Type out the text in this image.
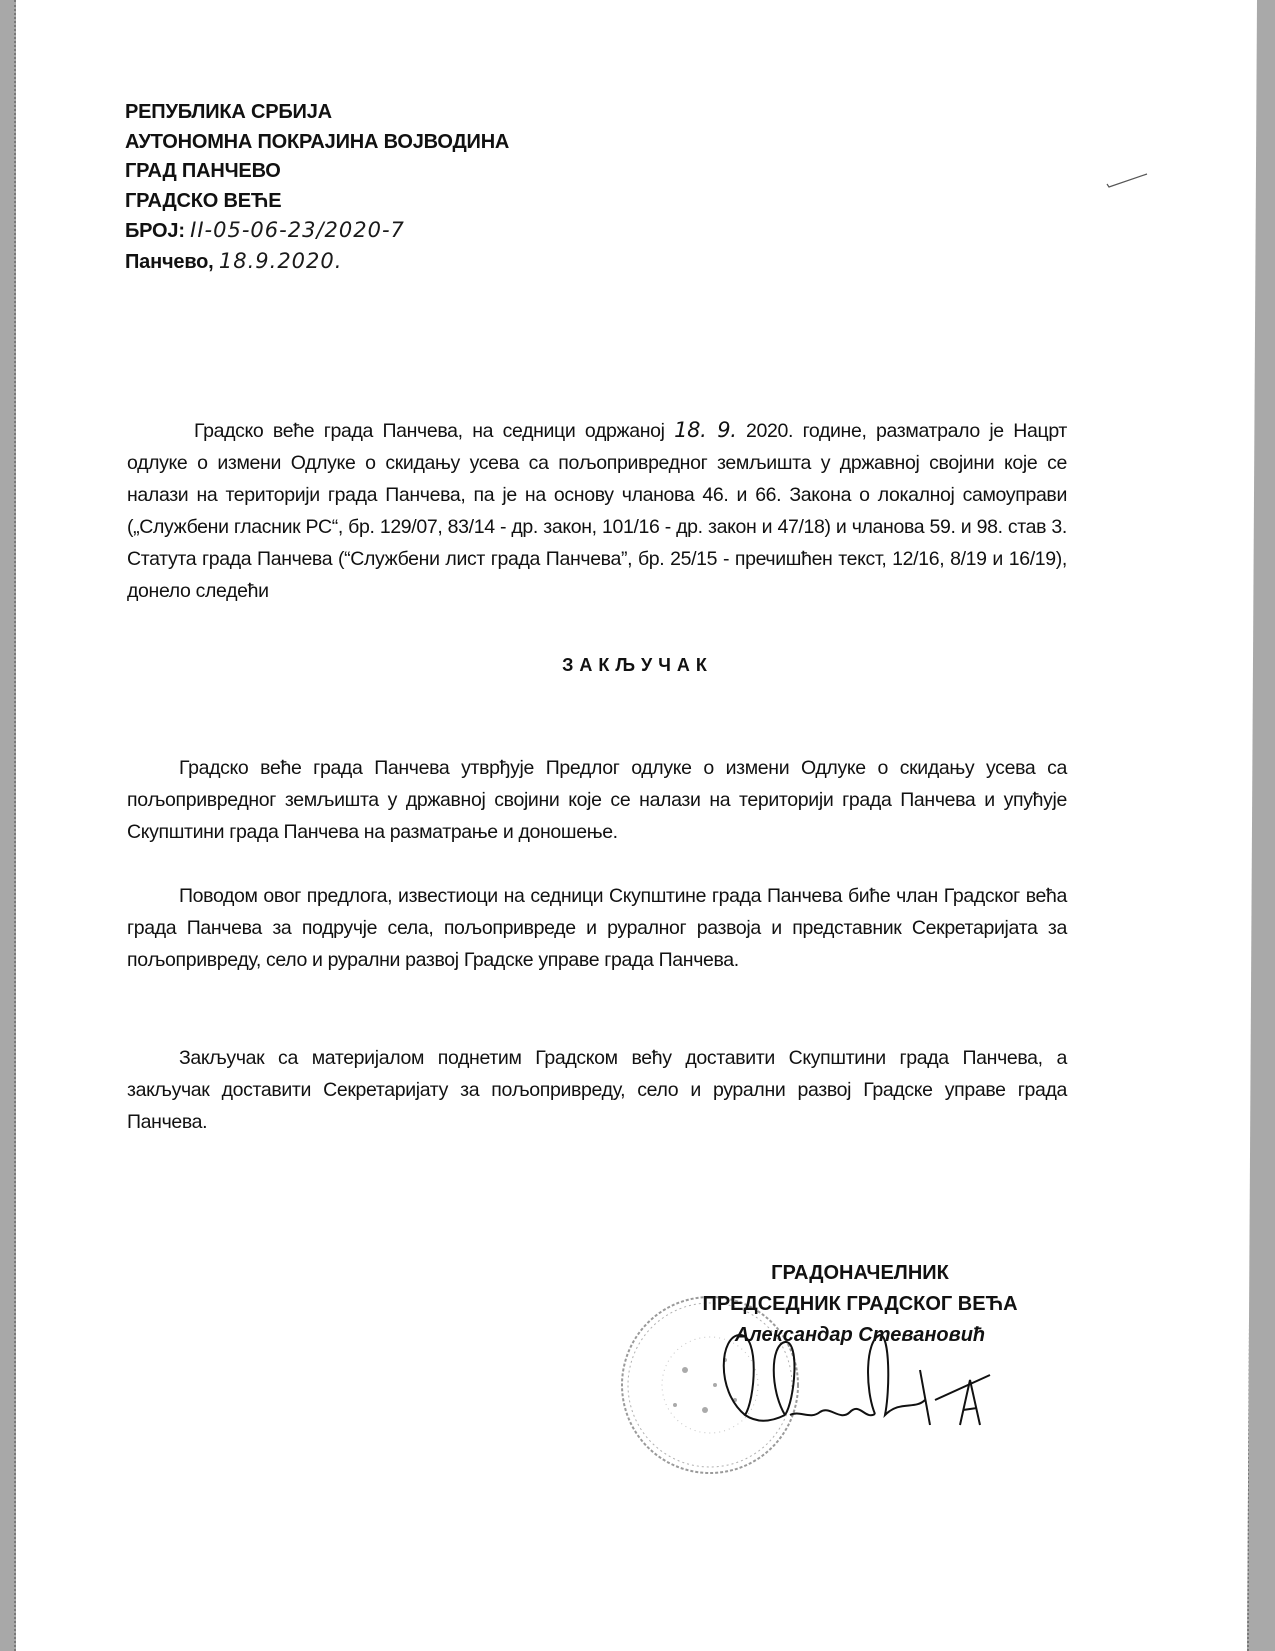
РЕПУБЛИКА СРБИЈА
АУТОНОМНА ПОКРАЈИНА ВОЈВОДИНА
ГРАД ПАНЧЕВО
ГРАДСКО ВЕЋЕ
БРОЈ: II-05-06-23/2020-7
Панчево, 18.9.2020.

Градско веће града Панчева, на седници одржаној 18. 9. 2020. године, разматрало је Нацрт одлуке о измени Одлуке о скидању усева са пољопривредног земљишта у државној својини које се налази на територији града Панчева, па је на основу чланова 46. и 66. Закона о локалној самоуправи („Службени гласник РС“, бр. 129/07, 83/14 - др. закон, 101/16 - др. закон и 47/18) и чланова 59. и 98. став 3. Статута града Панчева (“Службени лист града Панчева”, бр. 25/15 - пречишћен текст, 12/16, 8/19 и 16/19), донело следећи

ЗАКЉУЧАК

Градско веће града Панчева утврђује Предлог одлуке о измени Одлуке о скидању усева са пољопривредног земљишта у државној својини које се налази на територији града Панчева и упућује Скупштини града Панчева на разматрање и доношење.

Поводом овог предлога, известиоци на седници Скупштине града Панчева биће члан Градског већа града Панчева за подручје села, пољопривреде и руралног развоја и представник Секретаријата за пољопривреду, село и рурални развој Градске управе града Панчева.

Закључак са материјалом поднетим Градском већу доставити Скупштини града Панчева, а закључак доставити Секретаријату за пољопривреду, село и рурални развој Градске управе града Панчева.

ГРАДОНАЧЕЛНИК
ПРЕДСЕДНИК ГРАДСКОГ ВЕЋА
Александар Стевановић
